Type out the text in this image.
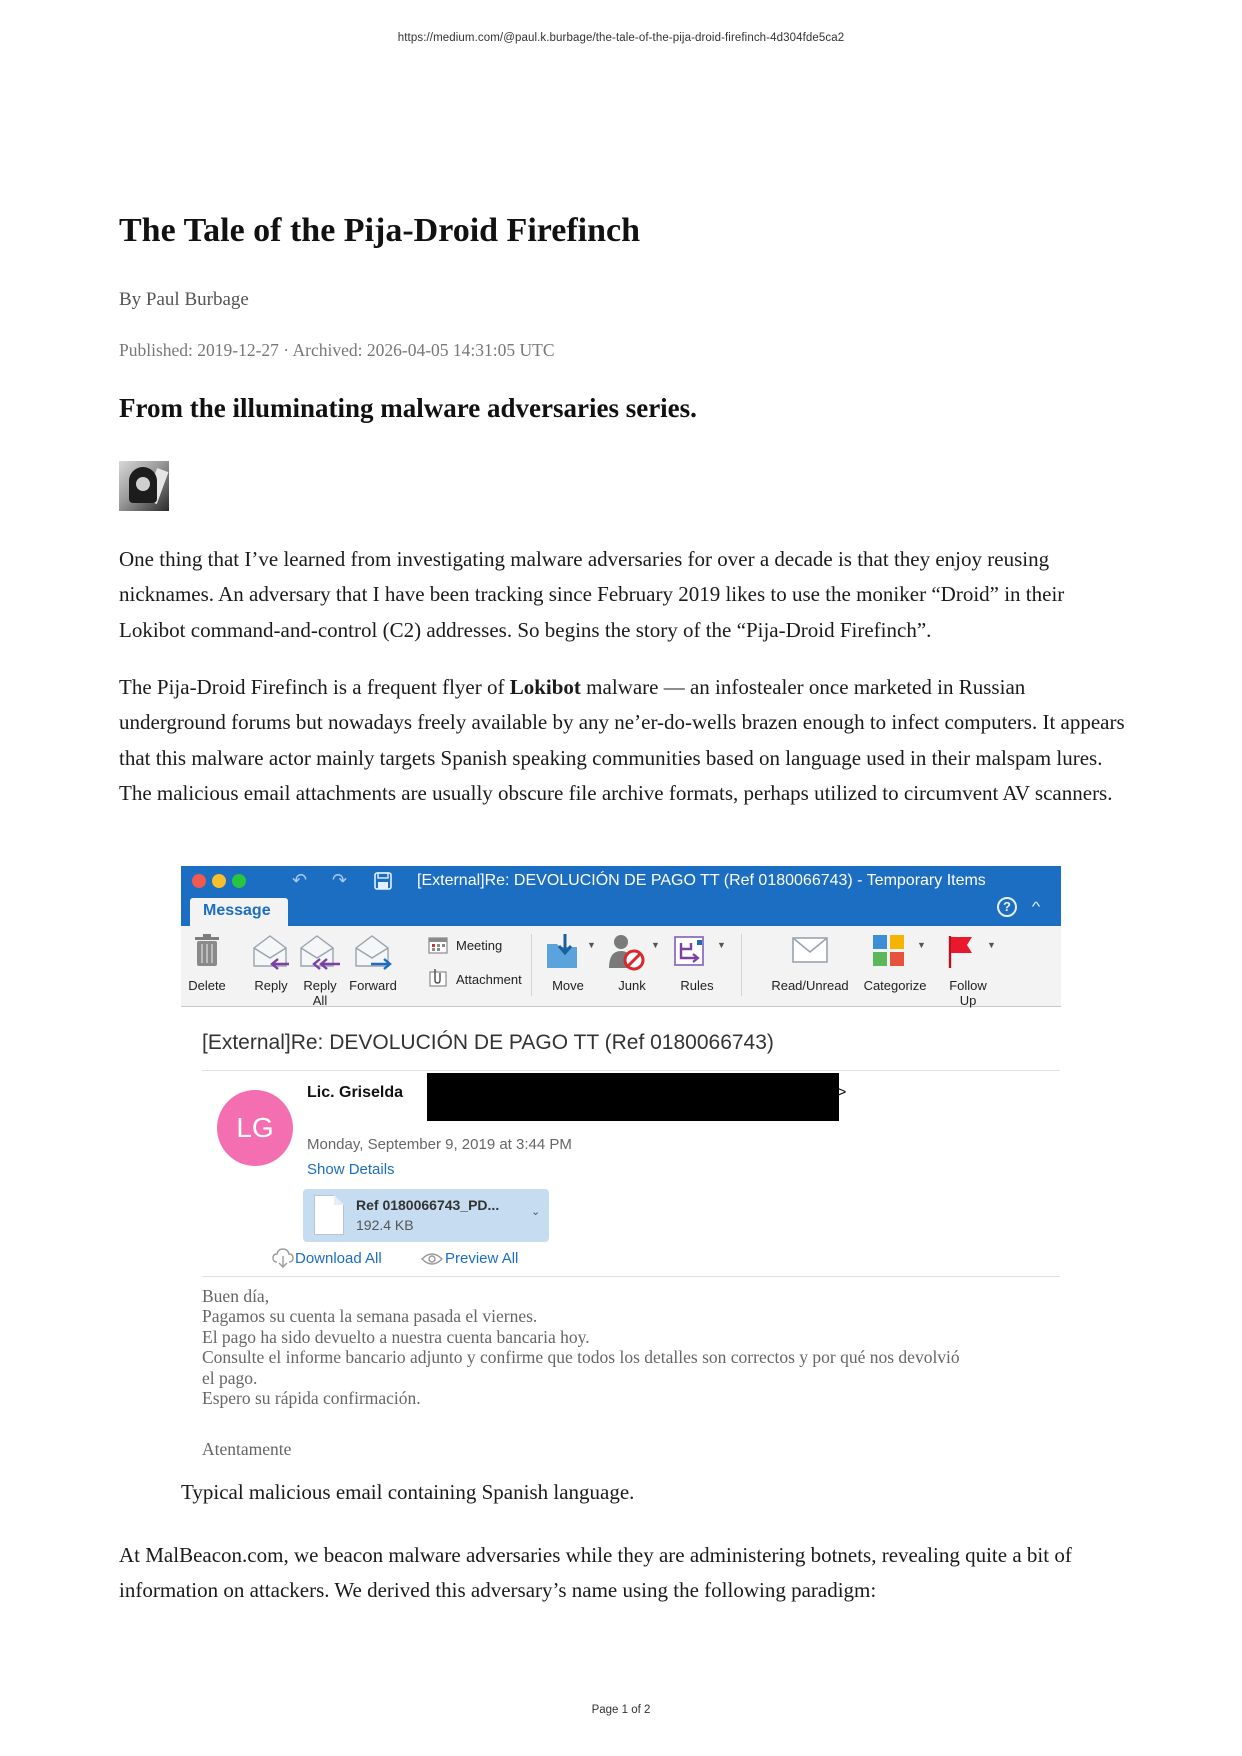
https://medium.com/@paul.k.burbage/the-tale-of-the-pija-droid-firefinch-4d304fde5ca2
The Tale of the Pija-Droid Firefinch
By Paul Burbage
Published: 2019-12-27 · Archived: 2026-04-05 14:31:05 UTC
From the illuminating malware adversaries series.

One thing that I’ve learned from investigating malware adversaries for over a decade is that they enjoy reusing nicknames. An adversary that I have been tracking since February 2019 likes to use the moniker “Droid” in their Lokibot command-and-control (C2) addresses. So begins the story of the “Pija-Droid Firefinch”.

The Pija-Droid Firefinch is a frequent flyer of Lokibot malware — an infostealer once marketed in Russian underground forums but nowadays freely available by any ne’er-do-wells brazen enough to infect computers. It appears that this malware actor mainly targets Spanish speaking communities based on language used in their malspam lures. The malicious email attachments are usually obscure file archive formats, perhaps utilized to circumvent AV scanners.

↶ ↷	[External]Re: DEVOLUCIÓN DE PAGO TT (Ref 0180066743) - Temporary Items
Message	?	^
Delete	Reply	Reply
All
Forward
Meeting
Attachment
▼
Move
▼
Junk
▼
Rules	Read/Unread
▼
Categorize
▼
Follow
Up
[External]Re: DEVOLUCIÓN DE PAGO TT (Ref 0180066743)
LG
Lic. Griselda	>
Monday, September 9, 2019 at 3:44 PM
Show Details
Ref 0180066743_PD...
192.4 KB
⌄
Download All	Preview All
Buen día,
Pagamos su cuenta la semana pasada el viernes.
El pago ha sido devuelto a nuestra cuenta bancaria hoy.
Consulte el informe bancario adjunto y confirme que todos los detalles son correctos y por qué nos devolvió
el pago.
Espero su rápida confirmación.
Atentamente
Typical malicious email containing Spanish language.

At MalBeacon.com, we beacon malware adversaries while they are administering botnets, revealing quite a bit of information on attackers. We derived this adversary’s name using the following paradigm:

Page 1 of 2
